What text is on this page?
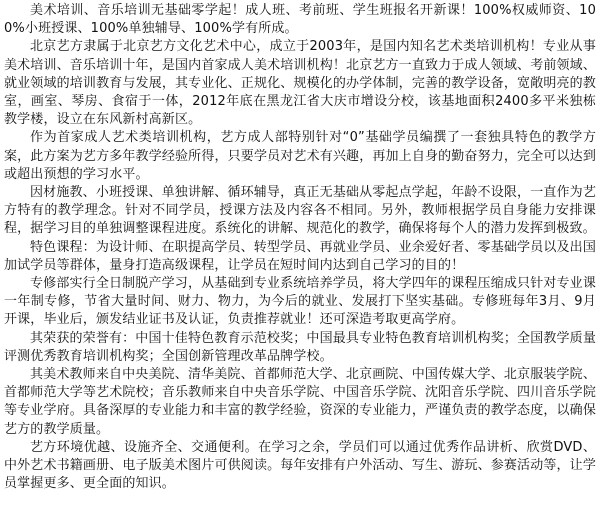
美术培训、音乐培训无基础零学起！成人班、考前班、学生班报名开新课！100%权威师资、100%小班授课、100%单独辅导、100%学有所成。

北京艺方隶属于北京艺方文化艺术中心，成立于2003年，是国内知名艺术类培训机构！专业从事美术培训、音乐培训十年，是国内首家成人美术培训机构！北京艺方一直致力于成人领域、考前领域、就业领域的培训教育与发展，其专业化、正规化、规模化的办学体制，完善的教学设备，宽敞明亮的教室，画室、琴房、食宿于一体，2012年底在黑龙江省大庆市增设分校，该基地面积2400多平米独栋教学楼，设立在东风新村高新区。

作为首家成人艺术类培训机构，艺方成人部特别针对“0”基础学员编撰了一套独具特色的教学方案，此方案为艺方多年教学经验所得，只要学员对艺术有兴趣，再加上自身的勤奋努力，完全可以达到或超出预想的学习水平。

因材施教、小班授课、单独讲解、循环辅导，真正无基础从零起点学起，年龄不设限，一直作为艺方特有的教学理念。针对不同学员，授课方法及内容各不相同。另外，教师根据学员自身能力安排课程，据学习目的单独调整课程进度。系统化的讲解、规范化的教学，确保将每个人的潜力发挥到极致。

特色课程：为设计师、在职提高学员、转型学员、再就业学员、业余爱好者、零基础学员以及出国加试学员等群体，量身打造高级课程，让学员在短时间内达到自己学习的目的！

专修部实行全日制脱产学习，从基础到专业系统培养学员，将大学四年的课程压缩成只针对专业课一年制专修，节省大量时间、财力、物力，为今后的就业、发展打下坚实基础。专修班每年3月、9月开课，毕业后，颁发结业证书及认证，负责推荐就业！还可深造考取更高学府。

其荣获的荣誉有：中国十佳特色教育示范校奖；中国最具专业特色教育培训机构奖；全国教学质量评测优秀教育培训机构奖；全国创新管理改革品牌学校。

其美术教师来自中央美院、清华美院、首都师范大学、北京画院、中国传媒大学、北京服装学院、首都师范大学等艺术院校；音乐教师来自中央音乐学院、中国音乐学院、沈阳音乐学院、四川音乐学院等专业学府。具备深厚的专业能力和丰富的教学经验，资深的专业能力，严谨负责的教学态度，以确保艺方的教学质量。

艺方环境优越、设施齐全、交通便利。在学习之余，学员们可以通过优秀作品讲析、欣赏DVD、中外艺术书籍画册、电子版美术图片可供阅读。每年安排有户外活动、写生、游玩、参赛活动等，让学员掌握更多、更全面的知识。
